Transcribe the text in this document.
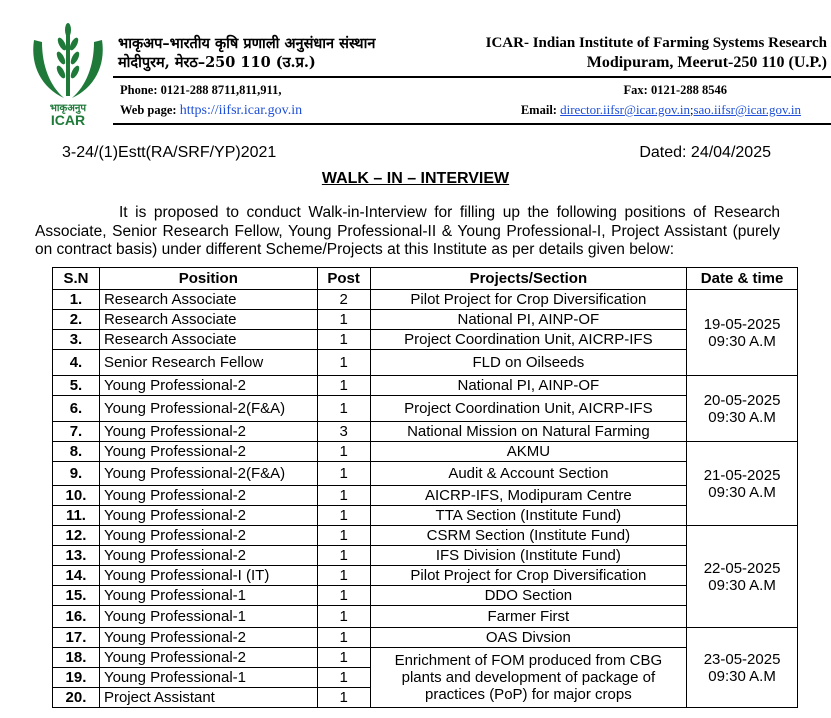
भाकृअनुप
ICAR
भाकृअप–भारतीय कृषि प्रणाली अनुसंधान संस्थान
मोदीपुरम, मेरठ–250 110 (उ.प्र.)
ICAR- Indian Institute of Farming Systems Research
Modipuram, Meerut-250 110 (U.P.)
Phone: 0121-288 8711,811,911,	Fax: 0121-288 8546
Web page: https://iifsr.icar.gov.in	Email: director.iifsr@icar.gov.in;sao.iifsr@icar.gov.in
3-24/(1)Estt(RA/SRF/YP)2021	Dated: 24/04/2025
WALK – IN – INTERVIEW
It is proposed to conduct Walk-in-Interview for filling up the following positions of Research Associate, Senior Research Fellow, Young Professional-II & Young Professional-I, Project Assistant (purely on contract basis) under different Scheme/Projects at this Institute as per details given below:
S.N	Position	Post	Projects/Section	Date & time
1.	Research Associate	2	Pilot Project for Crop Diversification	19-05-2025
09:30 A.M

2.	Research Associate	1	National PI, AINP-OF	
3.	Research Associate	1	Project Coordination Unit, AICRP-IFS	
4.	Senior Research Fellow	1	FLD on Oilseeds	
5.	Young Professional-2	1	National PI, AINP-OF	20-05-2025
09:30 A.M

6.	Young Professional-2(F&A)	1	Project Coordination Unit, AICRP-IFS	
7.	Young Professional-2	3	National Mission on Natural Farming	
8.	Young Professional-2	1	AKMU	21-05-2025
09:30 A.M

9.	Young Professional-2(F&A)	1	Audit & Account Section	
10.	Young Professional-2	1	AICRP-IFS, Modipuram Centre	
11.	Young Professional-2	1	TTA Section (Institute Fund)	
12.	Young Professional-2	1	CSRM Section (Institute Fund)	22-05-2025
09:30 A.M

13.	Young Professional-2	1	IFS Division (Institute Fund)	
14.	Young Professional-I (IT)	1	Pilot Project for Crop Diversification	
15.	Young Professional-1	1	DDO Section	
16.	Young Professional-1	1	Farmer First	
17.	Young Professional-2	1	OAS Divsion	23-05-2025
09:30 A.M

18.	Young Professional-2	1	Enrichment of FOM produced from CBG plants and development of package of practices (PoP) for major crops	
19.	Young Professional-1	1		
20.	Project Assistant	1		
